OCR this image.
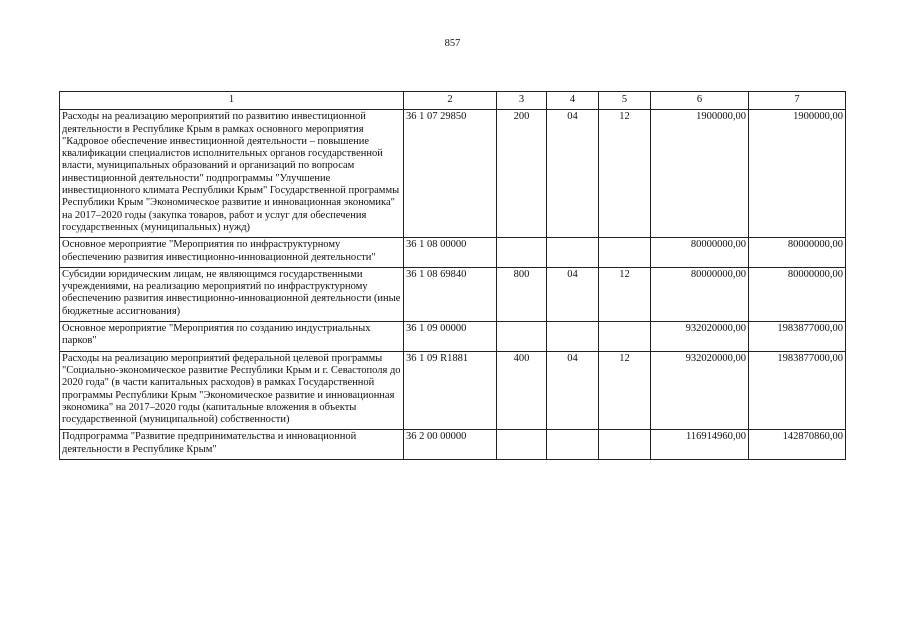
857
1	2	3	4	5	6	7
Расходы на реализацию мероприятий по развитию инвестиционной деятельности в Республике Крым в рамках основного мероприятия "Кадровое обеспечение инвестиционной деятельности – повышение квалификации специалистов исполнительных органов государственной власти, муниципальных образований и организаций по вопросам инвестиционной деятельности" подпрограммы "Улучшение инвестиционного климата Республики Крым" Государственной программы Республики Крым "Экономическое развитие и инновационная экономика" на 2017–2020 годы (закупка товаров, работ и услуг для обеспечения государственных (муниципальных) нужд)	36 1 07 29850	200	04	12	1900000,00	1900000,00
Основное мероприятие "Мероприятия по инфраструктурному обеспечению развития инвестиционно-инновационной деятельности"	36 1 08 00000				80000000,00	80000000,00
Субсидии юридическим лицам, не являющимся государственными учреждениями, на реализацию мероприятий по инфраструктурному обеспечению развития инвестиционно-инновационной деятельности (иные бюджетные ассигнования)	36 1 08 69840	800	04	12	80000000,00	80000000,00
Основное мероприятие "Мероприятия по созданию индустриальных парков"	36 1 09 00000				932020000,00	1983877000,00
Расходы на реализацию мероприятий федеральной целевой программы "Социально-экономическое развитие Республики Крым и г. Севастополя до 2020 года" (в части капитальных расходов) в рамках Государственной программы Республики Крым "Экономическое развитие и инновационная экономика" на 2017–2020 годы (капитальные вложения в объекты государственной (муниципальной) собственности)	36 1 09 R1881	400	04	12	932020000,00	1983877000,00
Подпрограмма "Развитие предпринимательства и инновационной деятельности в Республике Крым"	36 2 00 00000				116914960,00	142870860,00
